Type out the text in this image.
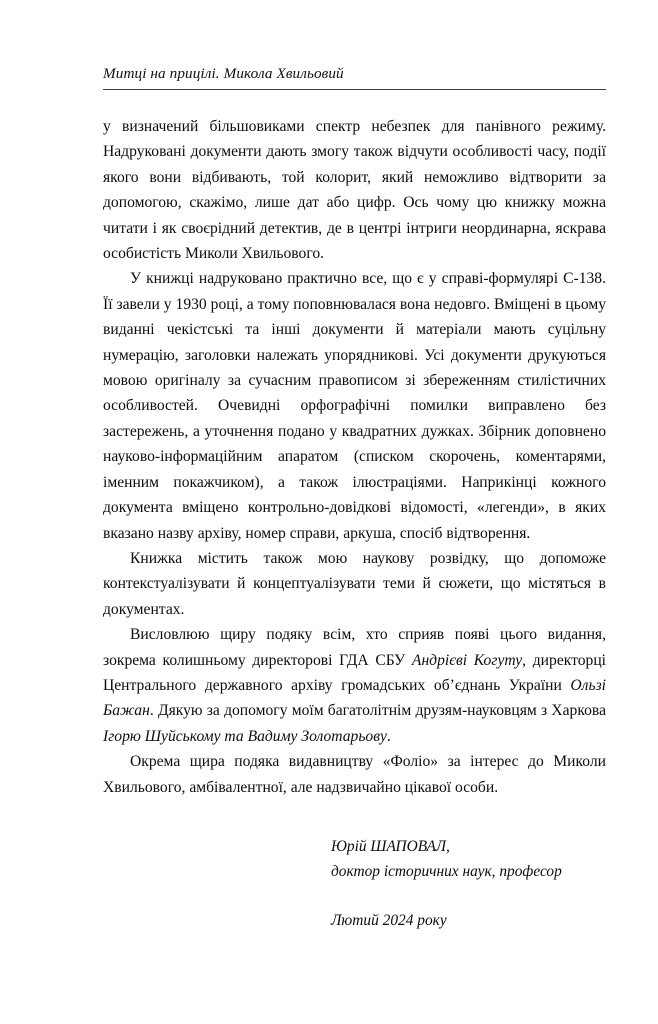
Митці на прицілі. Микола Хвильовий

у визначений більшовиками спектр небезпек для панівного режиму. Надруковані документи дають змогу також відчути особливості часу, події якого вони відбивають, той колорит, який неможливо відтворити за допомогою, скажімо, лише дат або цифр. Ось чому цю книжку можна читати і як своєрідний детектив, де в центрі інтриги неординарна, яскрава особистість Миколи Хвильового.

У книжці надруковано практично все, що є у справі-формулярі С-138. Її завели у 1930 році, а тому поповнювалася вона недовго. Вміщені в цьому виданні чекістські та інші документи й матеріали мають суцільну нумерацію, заголовки належать упорядникові. Усі документи друкуються мовою оригіналу за сучасним правописом зі збереженням стилістичних особливостей. Очевидні орфографічні помилки виправлено без застережень, а уточнення подано у квадратних дужках. Збірник доповнено науково-інформаційним апаратом (списком скорочень, коментарями, іменним покажчиком), а також ілюстраціями. Наприкінці кожного документа вміщено контрольно-довідкові відомості, «легенди», в яких вказано назву архіву, номер справи, аркуша, спосіб відтворення.

Книжка містить також мою наукову розвідку, що допоможе контекстуалізувати й концептуалізувати теми й сюжети, що містяться в документах.

Висловлюю щиру подяку всім, хто сприяв появі цього видання, зокрема колишньому директорові ГДА СБУ Андрієві Когуту, директорці Центрального державного архіву громадських об’єднань України Ользі Бажан. Дякую за допомогу моїм багатолітнім друзям-науковцям з Харкова Ігорю Шуйському та Вадиму Золотарьову.

Окрема щира подяка видавництву «Фоліо» за інтерес до Миколи Хвильового, амбівалентної, але надзвичайно цікавої особи.

Юрій ШАПОВАЛ,
доктор історичних наук, професор
Лютий 2024 року
